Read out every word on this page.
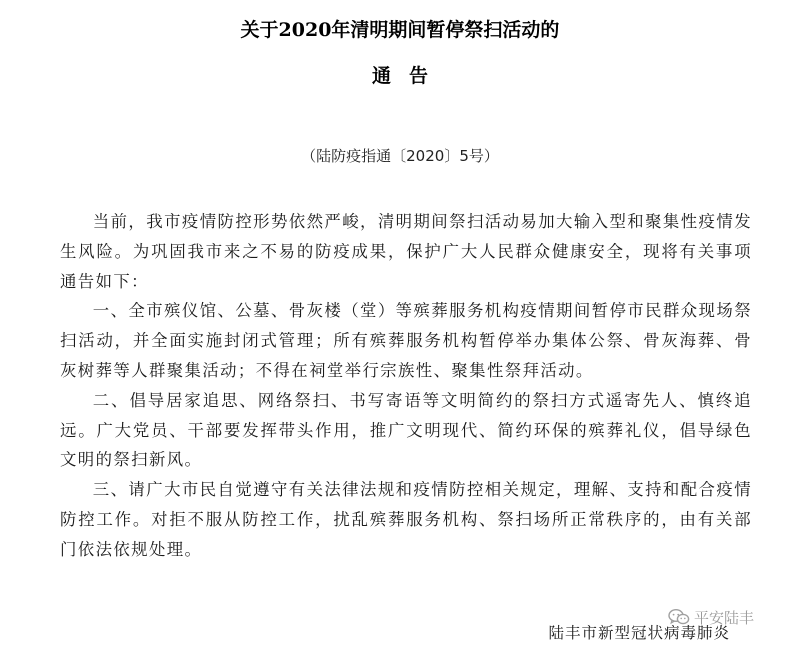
关于2020年清明期间暂停祭扫活动的
通告
（陆防疫指通〔2020〕5号）

当前，我市疫情防控形势依然严峻，清明期间祭扫活动易加大输入型和聚集性疫情发生风险。为巩固我市来之不易的防疫成果，保护广大人民群众健康安全，现将有关事项通告如下：

一、全市殡仪馆、公墓、骨灰楼（堂）等殡葬服务机构疫情期间暂停市民群众现场祭扫活动，并全面实施封闭式管理；所有殡葬服务机构暂停举办集体公祭、骨灰海葬、骨灰树葬等人群聚集活动；不得在祠堂举行宗族性、聚集性祭拜活动。

二、倡导居家追思、网络祭扫、书写寄语等文明简约的祭扫方式遥寄先人、慎终追远。广大党员、干部要发挥带头作用，推广文明现代、简约环保的殡葬礼仪，倡导绿色文明的祭扫新风。

三、请广大市民自觉遵守有关法律法规和疫情防控相关规定，理解、支持和配合疫情防控工作。对拒不服从防控工作，扰乱殡葬服务机构、祭扫场所正常秩序的，由有关部门依法依规处理。

平安陆丰
陆丰市新型冠状病毒肺炎
